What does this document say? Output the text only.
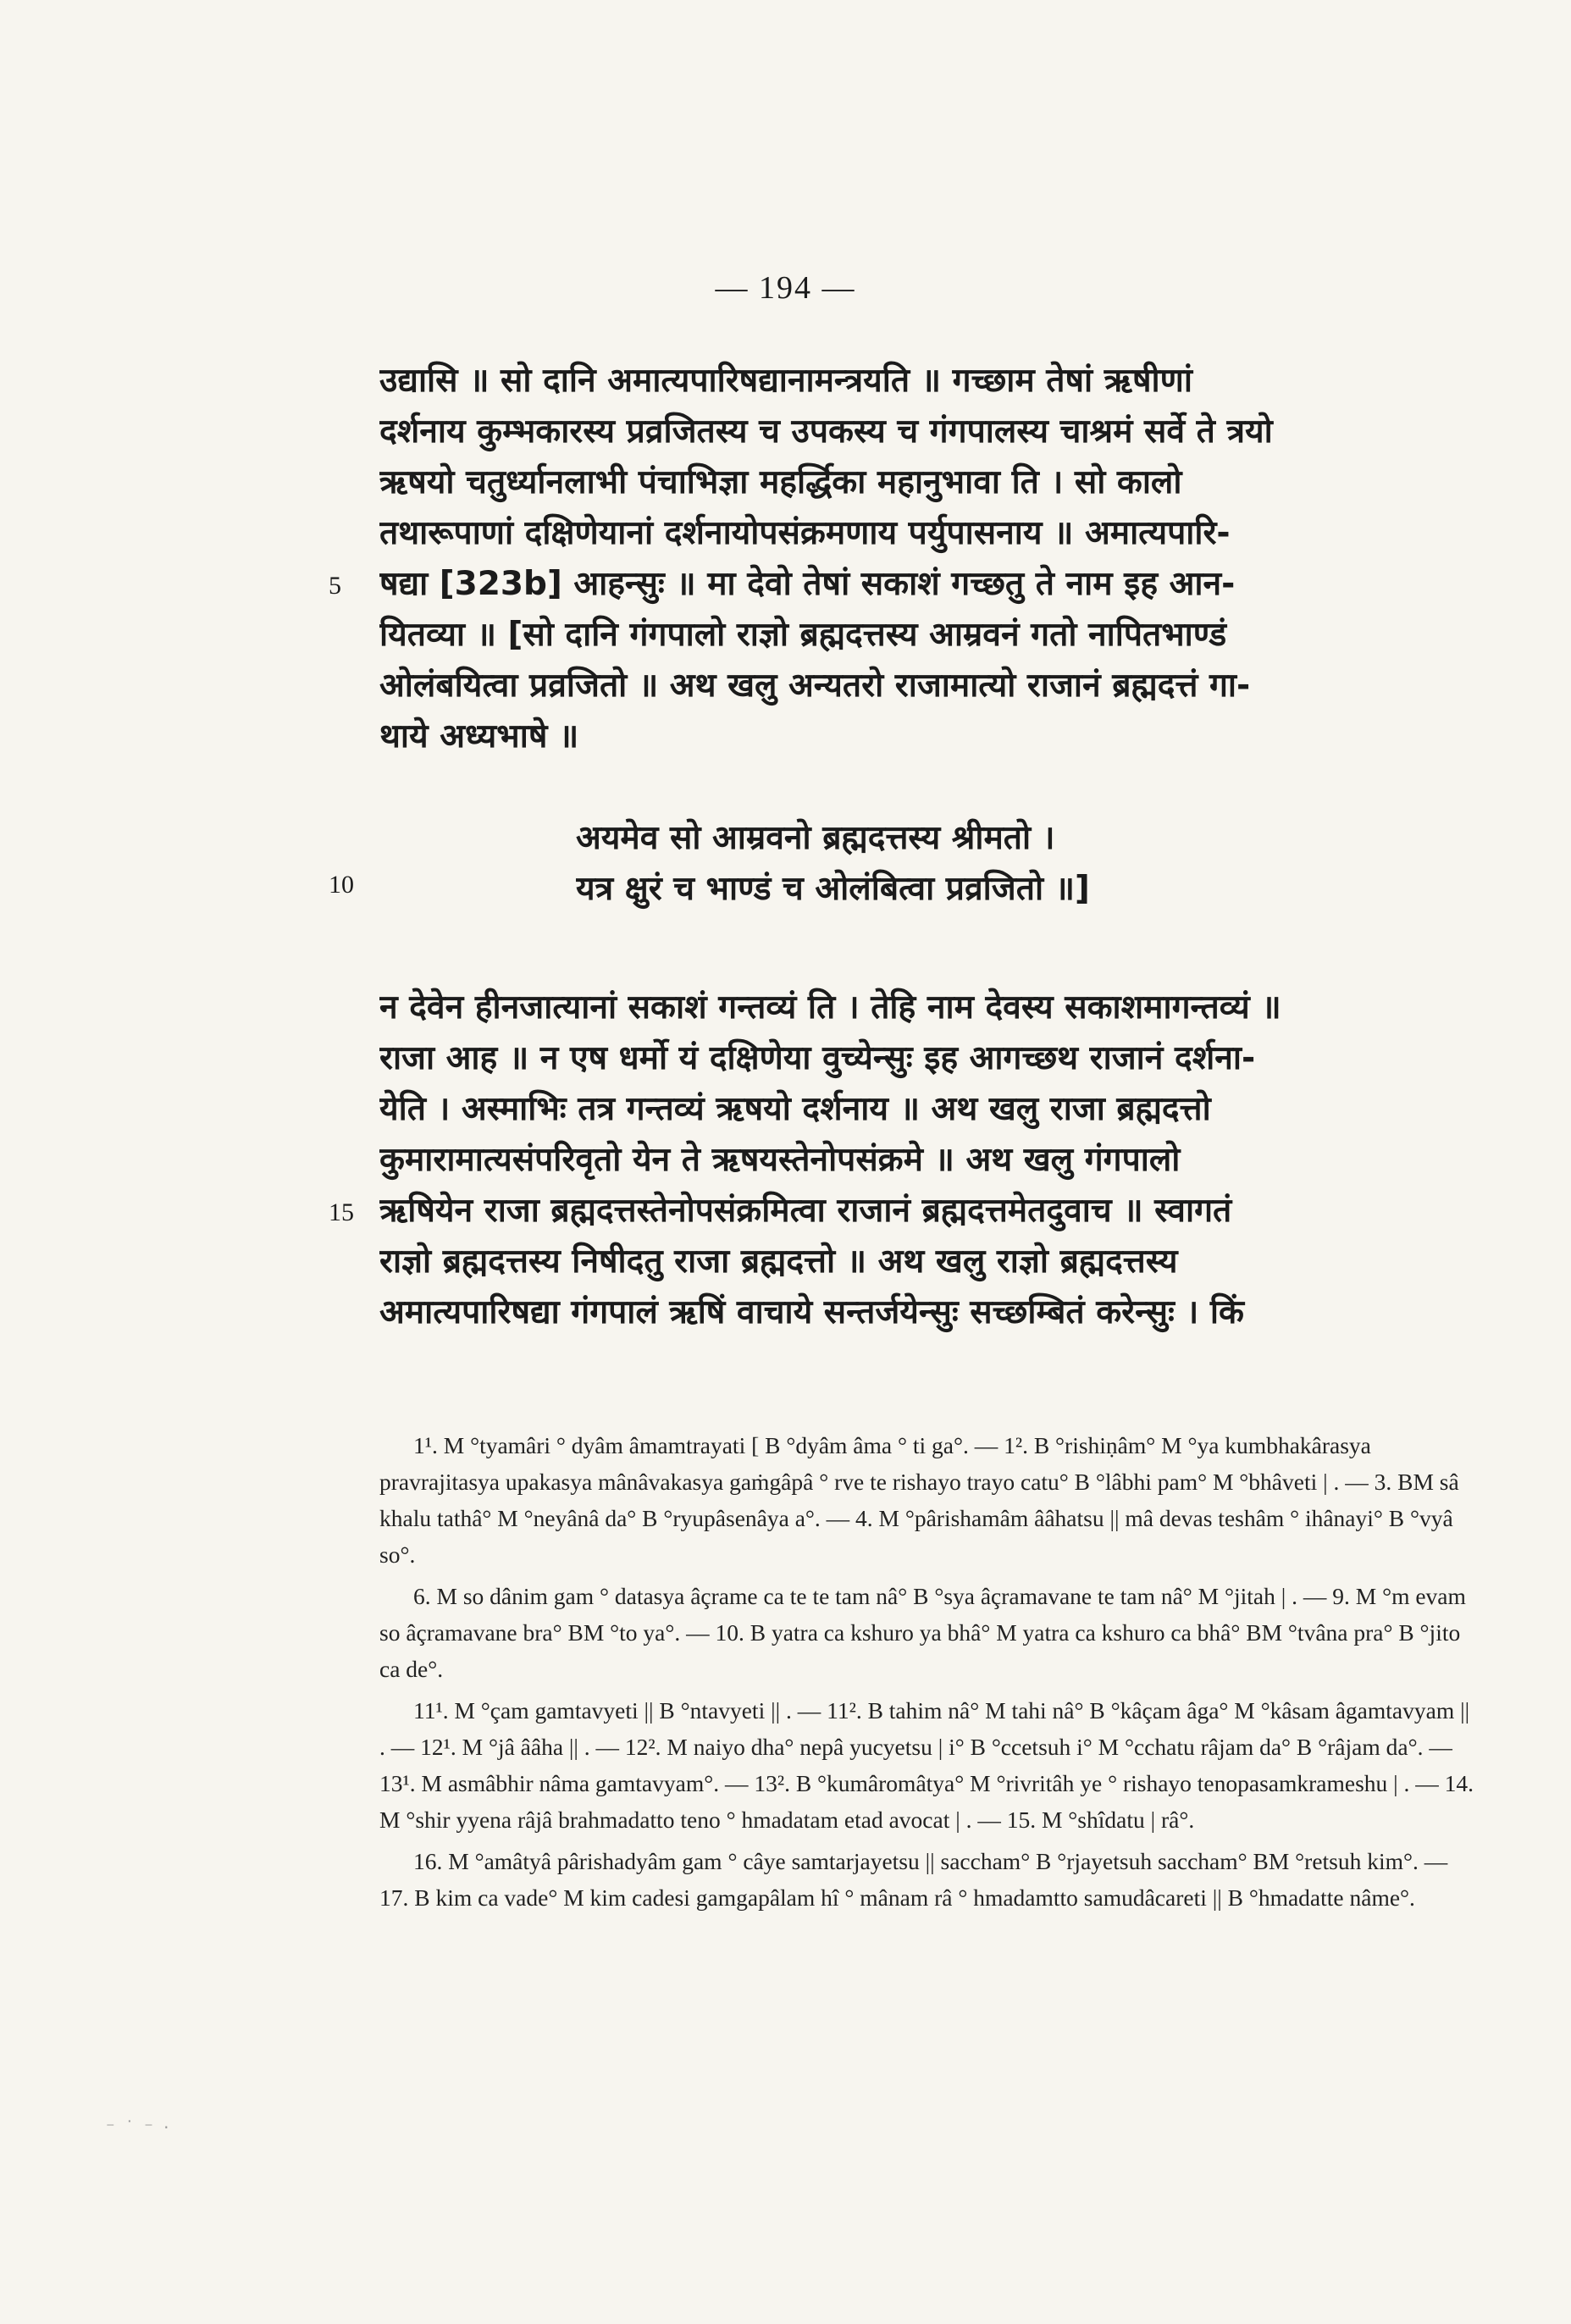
— 194 —
उद्यासि ॥ सो दानि अमात्यपारिषद्यानामन्त्रयति ॥ गच्छाम तेषां ऋषीणां
दर्शनाय कुम्भकारस्य प्रव्रजितस्य च उपकस्य च गंगपालस्य चाश्रमं सर्वे ते त्रयो
ऋषयो चतुर्ध्यानलाभी पंचाभिज्ञा महर्द्धिका महानुभावा ति । सो कालो
तथारूपाणां दक्षिणेयानां दर्शनायोपसंक्रमणाय पर्युपासनाय ॥ अमात्यपारि-
5 षद्या [323b] आहन्सुः ॥ मा देवो तेषां सकाशं गच्छतु ते नाम इह आन-
यितव्या ॥ [सो दानि गंगपालो राज्ञो ब्रह्मदत्तस्य आम्रवनं गतो नापितभाण्डं
ओलंबयित्वा प्रव्रजितो ॥ अथ खलु अन्यतरो राजामात्यो राजानं ब्रह्मदत्तं गा-
थाये अध्यभाषे ॥
अयमेव सो आम्रवनो ब्रह्मदत्तस्य श्रीमतो ।
10	यत्र क्षुरं च भाण्डं च ओलंबित्वा प्रव्रजितो ॥]
न देवेन हीनजात्यानां सकाशं गन्तव्यं ति । तेहि नाम देवस्य सकाशमागन्तव्यं ॥
राजा आह ॥ न एष धर्मो यं दक्षिणेया वुच्येन्सुः इह आगच्छथ राजानं दर्शना-
येति । अस्माभिः तत्र गन्तव्यं ऋषयो दर्शनाय ॥ अथ खलु राजा ब्रह्मदत्तो
कुमारामात्यसंपरिवृतो येन ते ऋषयस्तेनोपसंक्रमे ॥ अथ खलु गंगपालो
15 ऋषियेन राजा ब्रह्मदत्तस्तेनोपसंक्रमित्वा राजानं ब्रह्मदत्तमेतदुवाच ॥ स्वागतं
राज्ञो ब्रह्मदत्तस्य निषीदतु राजा ब्रह्मदत्तो ॥ अथ खलु राज्ञो ब्रह्मदत्तस्य
अमात्यपारिषद्या गंगपालं ऋषिं वाचाये सन्तर्जयेन्सुः सच्छम्बितं करेन्सुः । किं

1¹. M °tyamâri ° dyâm âmamtrayati [ B °dyâm âma ° ti ga°. — 1². B °rishiṇâm° M °ya kumbhakârasya pravrajitasya upakasya mânâvakasya gaṁgâpâ ° rve te rishayo trayo catu° B °lâbhi pam° M °bhâveti | . — 3. BM sâ khalu tathâ° M °neyânâ da° B °ryupâsenâya a°. — 4. M °pârishamâm ââhatsu || mâ devas teshâm ° ihânayi° B °vyâ so°.

6. M so dânim gam ° datasya âçrame ca te te tam nâ° B °sya âçramavane te tam nâ° M °jitah | . — 9. M °m evam so âçramavane bra° BM °to ya°. — 10. B yatra ca kshuro ya bhâ° M yatra ca kshuro ca bhâ° BM °tvâna pra° B °jito ca de°.

11¹. M °çam gamtavyeti || B °ntavyeti || . — 11². B tahim nâ° M tahi nâ° B °kâçam âga° M °kâsam âgamtavyam || . — 12¹. M °jâ ââha || . — 12². M naiyo dha° nepâ yucyetsu | i° B °ccetsuh i° M °cchatu râjam da° B °râjam da°. — 13¹. M asmâbhir nâma gamtavyam°. — 13². B °kumâromâtya° M °rivritâh ye ° rishayo tenopasamkrameshu | . — 14. M °shir yyena râjâ brahmadatto teno ° hmadatam etad avocat | . — 15. M °shîdatu | râ°.

16. M °amâtyâ pârishadyâm gam ° câye samtarjayetsu || saccham° B °rjayetsuh saccham° BM °retsuh kim°. — 17. B kim ca vade° M kim cadesi gamgapâlam hî ° mânam râ ° hmadamtto samudâcareti || B °hmadatte nâme°.

⁻ ˙ ⁻ ·
